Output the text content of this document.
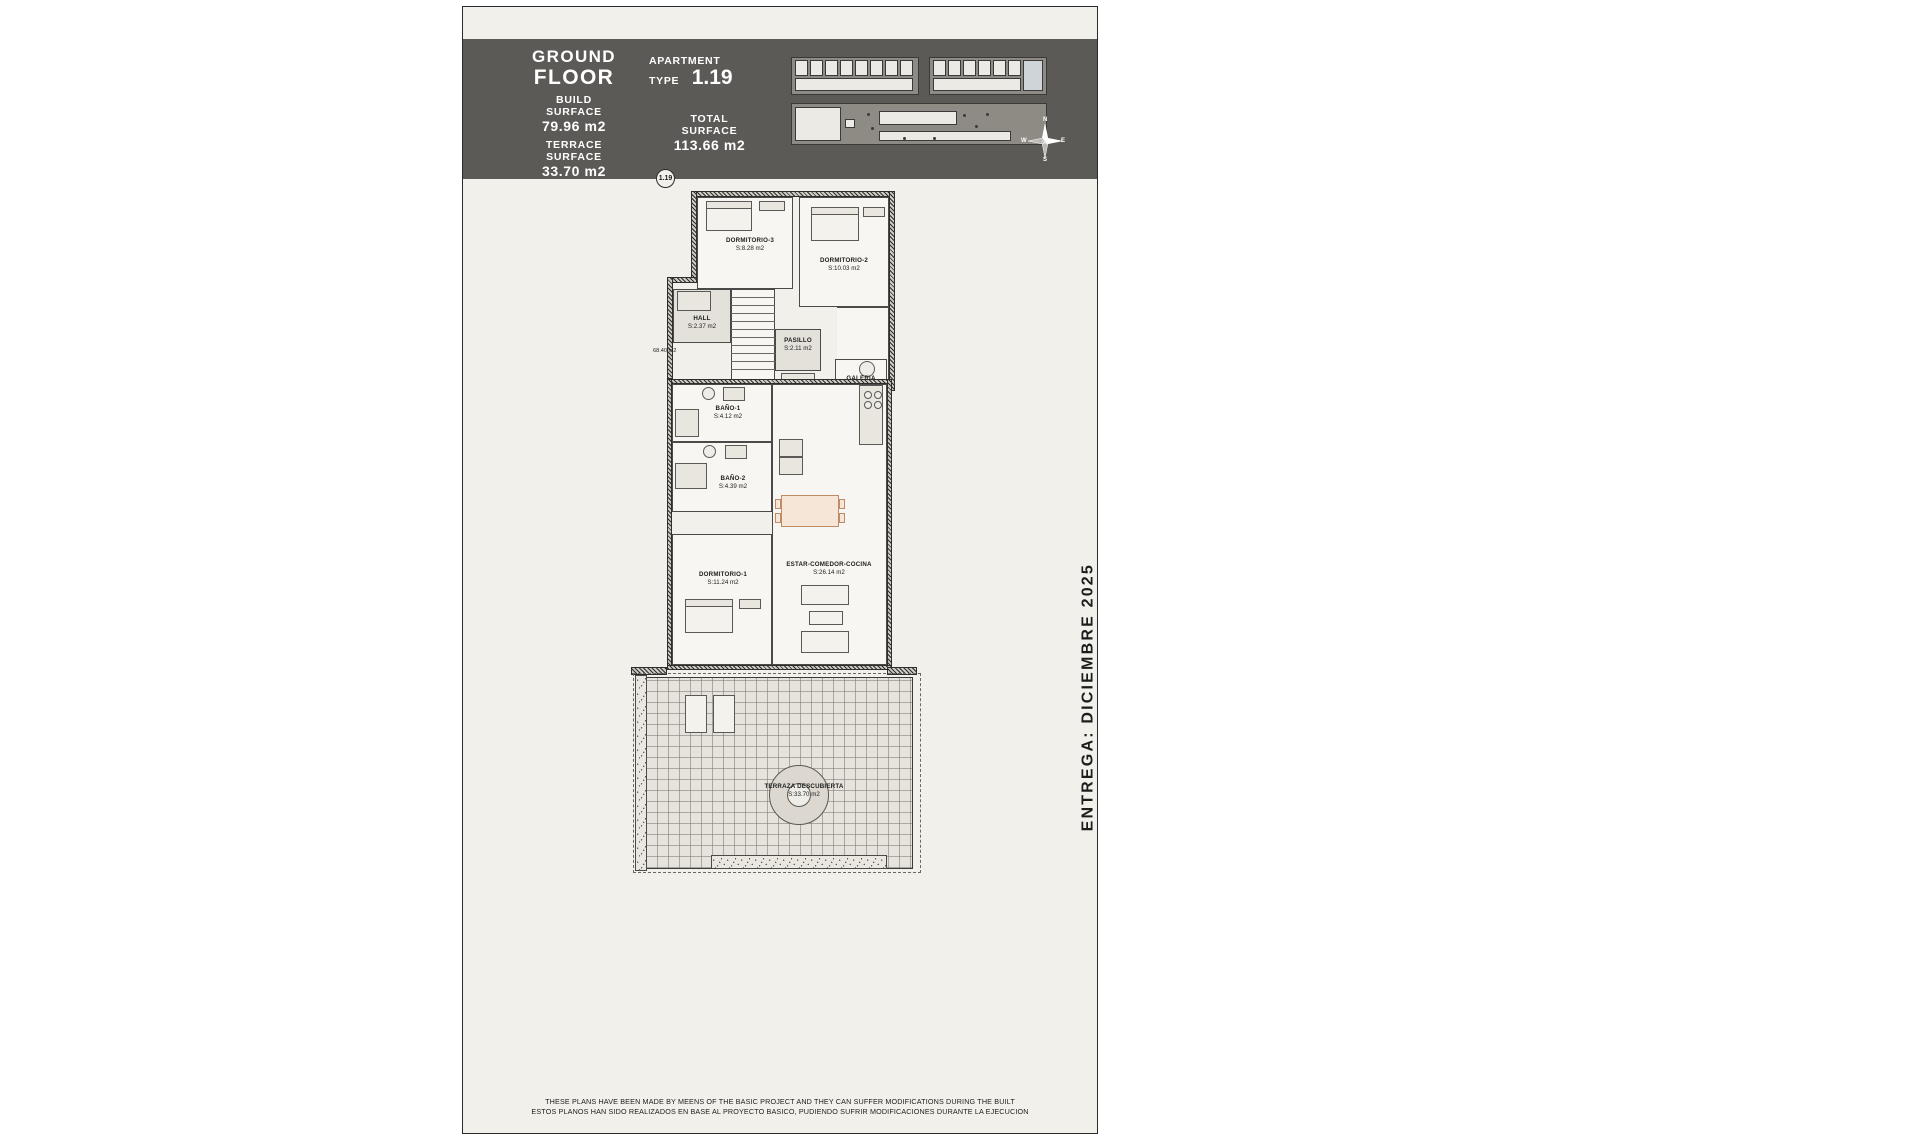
GROUND
FLOOR
BUILD
SURFACE
79.96 m2
TERRACE
SURFACE
33.70 m2
APARTMENT
TYPE 1.19
TOTAL
SURFACE
113.66 m2
N
E
S
W
DORMITORIO-3
S:8.28 m2
DORMITORIO-2
S:10.03 m2
HALL
S:2.37 m2
PASILLO
S:2.11 m2
BAÑO-1
S:4.12 m2
BAÑO-2
S:4.39 m2
DORMITORIO-1
S:11.24 m2
ESTAR-COMEDOR-COCINA
S:26.14 m2
TERRAZA DESCUBIERTA
S:33.70 m2
68.40 m2
1.19
ENTREGA: DICIEMBRE 2025
THESE PLANS HAVE BEEN MADE BY MEENS OF THE BASIC PROJECT AND THEY CAN SUFFER MODIFICATIONS DURING THE BUILT
ESTOS PLANOS HAN SIDO REALIZADOS EN BASE AL PROYECTO BASICO, PUDIENDO SUFRIR MODIFICACIONES DURANTE LA EJECUCION
